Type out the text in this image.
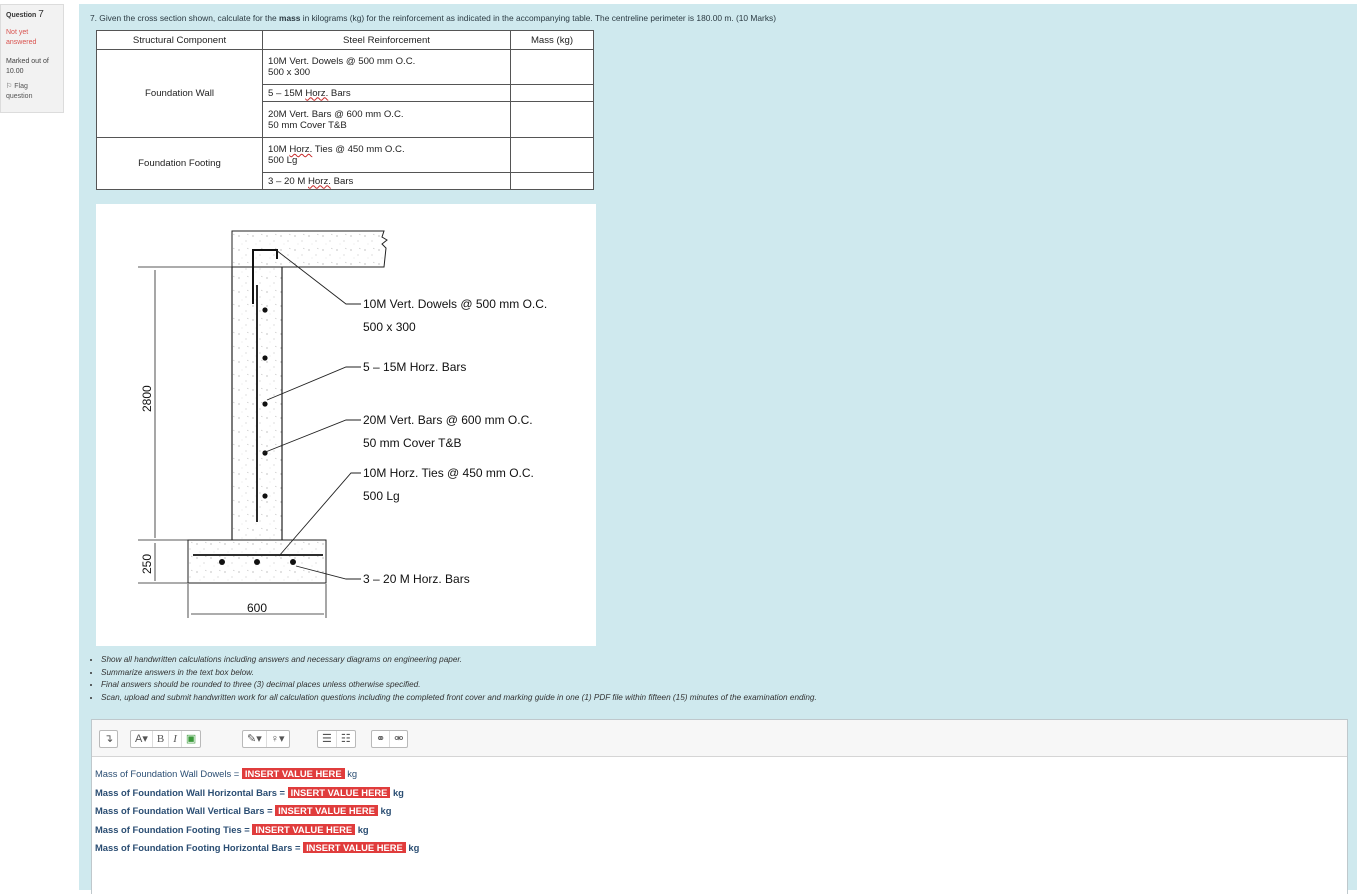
Question 7
Not yet
answered
Marked out of
10.00
⚐ Flag
question
7. Given the cross section shown, calculate for the mass in kilograms (kg) for the reinforcement as indicated in the accompanying table. The centreline perimeter is 180.00 m. (10 Marks)
Structural Component	Steel Reinforcement	Mass (kg)
Foundation Wall	10M Vert. Dowels @ 500 mm O.C.
500 x 300	
	5 – 15M Horz. Bars	
	20M Vert. Bars @ 600 mm O.C.
50 mm Cover T&B	
Foundation Footing	10M Horz. Ties @ 450 mm O.C.
500 Lg	
	3 – 20 M Horz. Bars	
10M Vert. Dowels @ 500 mm O.C.
500 x 300
5 – 15M Horz. Bars
20M Vert. Bars @ 600 mm O.C.
50 mm Cover T&B
10M Horz. Ties @ 450 mm O.C.
500 Lg
3 – 20 M Horz. Bars
2800
250
600
• Show all handwritten calculations including answers and necessary diagrams on engineering paper.
• Summarize answers in the text box below.
• Final answers should be rounded to three (3) decimal places unless otherwise specified.
• Scan, upload and submit handwritten work for all calculation questions including the completed front cover and marking guide in one (1) PDF file within fifteen (15) minutes of the examination ending.
↴	A▾ B I ▣	✎▾ ♀▾	☰ ☷	⚭ ⚮
Mass of Foundation Wall Dowels = INSERT VALUE HERE kg
Mass of Foundation Wall Horizontal Bars = INSERT VALUE HERE kg
Mass of Foundation Wall Vertical Bars = INSERT VALUE HERE kg
Mass of Foundation Footing Ties = INSERT VALUE HERE kg
Mass of Foundation Footing Horizontal Bars = INSERT VALUE HERE kg
